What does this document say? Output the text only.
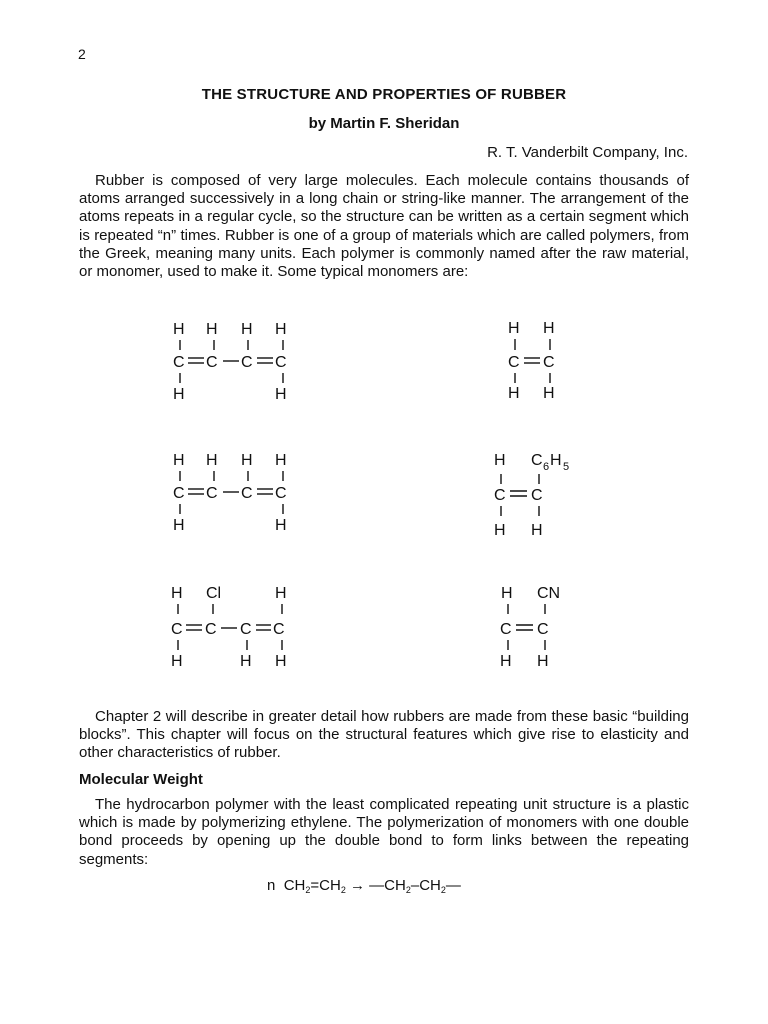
2
THE STRUCTURE AND PROPERTIES OF RUBBER
by Martin F. Sheridan
R. T. Vanderbilt Company, Inc.

Rubber is composed of very large molecules. Each molecule contains thousands of atoms arranged successively in a long chain or string-like manner. The arrangement of the atoms repeats in a regular cycle, so the structure can be written as a certain segment which is repeated “n” times. Rubber is one of a group of materials which are called polymers, from the Greek, meaning many units. Each polymer is commonly named after the raw material, or monomer, used to make it. Some typical monomers are:

H H H H
C C C C
H	H
H H
C C
H H
H H H H
C C C C
H	H
H C 6 H 5
C C
H H
H Cl	H
C C C C
H	H H
H CN
C C
H H

Chapter 2 will describe in greater detail how rubbers are made from these basic “building blocks”. This chapter will focus on the structural features which give rise to elasticity and other characteristics of rubber.

Molecular Weight

The hydrocarbon polymer with the least complicated repeating unit structure is a plastic which is made by polymerizing ethylene. The polymerization of monomers with one double bond proceeds by opening up the double bond to form links between the repeating segments:

n $CH_2=CH_2$ → $—CH_2-CH_2—$
